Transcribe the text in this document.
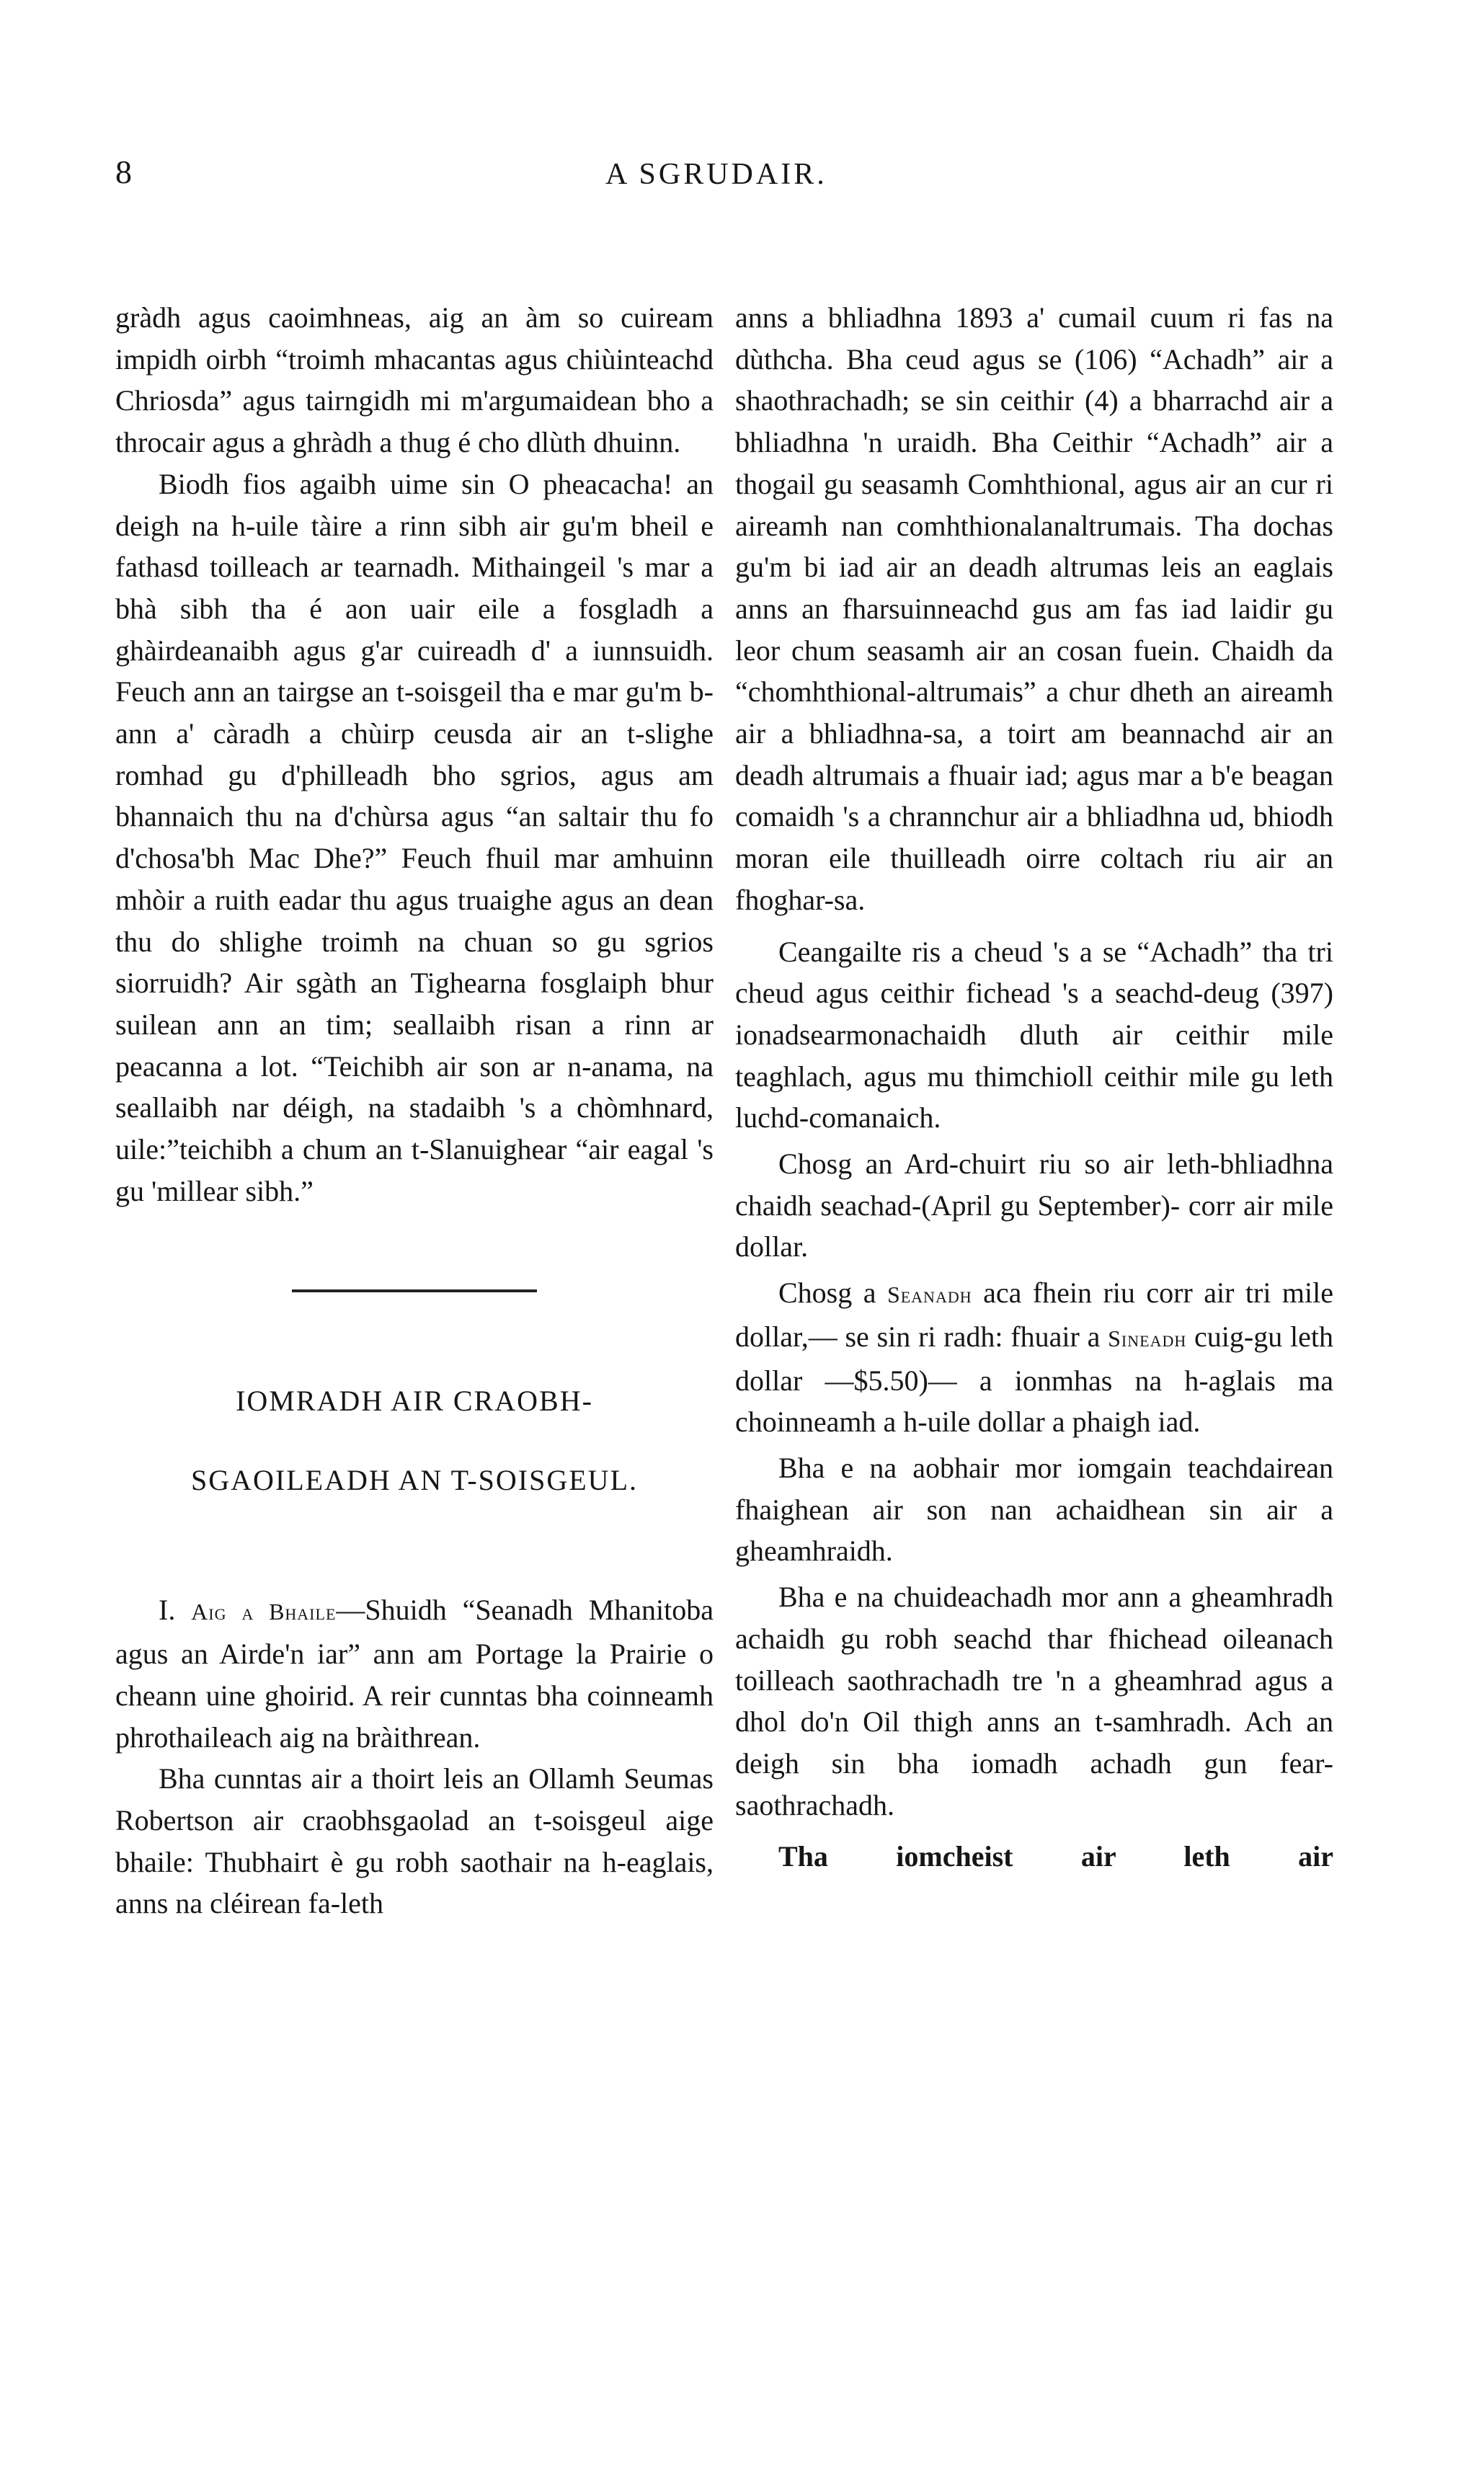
8	A SGRUDAIR.

gràdh agus caoimhneas, aig an àm so cuiream impidh oirbh “troimh mhacantas agus chiùinteachd Chriosda” agus tairngidh mi m'argumaidean bho a throcair agus a ghràdh a thug é cho dlùth dhuinn.

Biodh fios agaibh uime sin O pheacacha! an deigh na h-uile tàire a rinn sibh air gu'm bheil e fathasd toilleach ar tearnadh. Mithaingeil 's mar a bhà sibh tha é aon uair eile a fosgladh a ghàirdeanaibh agus g'ar cuireadh d' a iunnsuidh. Feuch ann an tairgse an t-soisgeil tha e mar gu'm b-ann a' càradh a chùirp ceusda air an t-slighe romhad gu d'philleadh bho sgrios, agus am bhannaich thu na d'chùrsa agus “an saltair thu fo d'chosa'bh Mac Dhe?” Feuch fhuil mar amhuinn mhòir a ruith eadar thu agus truaighe agus an dean thu do shlighe troimh na chuan so gu sgrios siorruidh? Air sgàth an Tighearna fosglaiph bhur suilean ann an tim; seallaibh risan a rinn ar peacanna a lot. “Teichibh air son ar n-anama, na seallaibh nar déigh, na stadaibh 's a chòmhnard, uile:”teichibh a chum an t-Slanuighear “air eagal 's gu 'millear sibh.”

IOMRADH AIR CRAOBH-
SGAOILEADH AN T-SOISGEUL.

I. Aig a Bhaile—Shuidh “Seanadh Mhanitoba agus an Airde'n iar” ann am Portage la Prairie o cheann uine ghoirid. A reir cunntas bha coinneamh phrothaileach aig na bràithrean.

Bha cunntas air a thoirt leis an Ollamh Seumas Robertson air craobhsgaolad an t-soisgeul aige bhaile: Thubhairt è gu robh saothair na h-eaglais, anns na cléirean fa-leth

anns a bhliadhna 1893 a' cumail cuum ri fas na dùthcha. Bha ceud agus se (106) “Achadh” air a shaothrachadh; se sin ceithir (4) a bharrachd air a bhliadhna 'n uraidh. Bha Ceithir “Achadh” air a thogail gu seasamh Comhthional, agus air an cur ri aireamh nan comhthionalanaltrumais. Tha dochas gu'm bi iad air an deadh altrumas leis an eaglais anns an fharsuinneachd gus am fas iad laidir gu leor chum seasamh air an cosan fuein. Chaidh da “chomhthional-altrumais” a chur dheth an aireamh air a bhliadhna-sa, a toirt am beannachd air an deadh altrumais a fhuair iad; agus mar a b'e beagan comaidh 's a chrannchur air a bhliadhna ud, bhiodh moran eile thuilleadh oirre coltach riu air an fhoghar-sa.

Ceangailte ris a cheud 's a se “Achadh” tha tri cheud agus ceithir fichead 's a seachd-deug (397) ionadsearmonachaidh dluth air ceithir mile teaghlach, agus mu thimchioll ceithir mile gu leth luchd-comanaich.

Chosg an Ard-chuirt riu so air leth-bhliadhna chaidh seachad-(April gu September)- corr air mile dollar.

Chosg a Seanadh aca fhein riu corr air tri mile dollar,— se sin ri radh: fhuair a Sineadh cuig-gu leth dollar —$5.50)— a ionmhas na h-aglais ma choinneamh a h-uile dollar a phaigh iad.

Bha e na aobhair mor iomgain teachdairean fhaighean air son nan achaidhean sin air a gheamhraidh.

Bha e na chuideachadh mor ann a gheamhradh achaidh gu robh seachd thar fhichead oileanach toilleach saothrachadh tre 'n a gheamhrad agus a dhol do'n Oil thigh anns an t-samhradh. Ach an deigh sin bha iomadh achadh gun fear-saothrachadh.

Tha iomcheist air leth air
